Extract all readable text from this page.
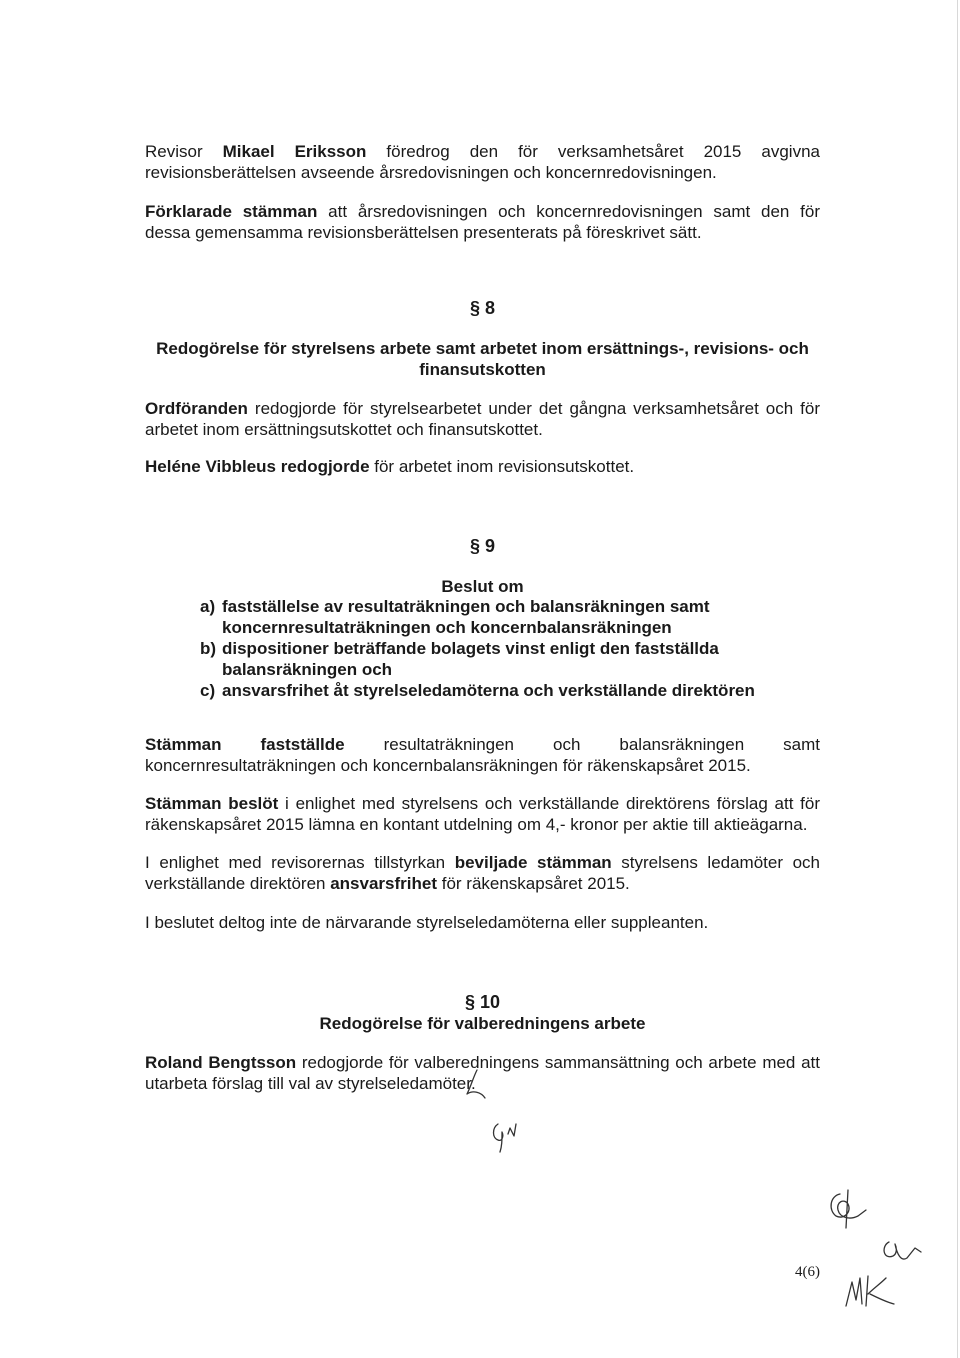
Revisor Mikael Eriksson föredrog den för verksamhetsåret 2015 avgivna revisionsberättelsen avseende årsredovisningen och koncernredovisningen.

Förklarade stämman att årsredovisningen och koncernredovisningen samt den för dessa gemensamma revisionsberättelsen presenterats på föreskrivet sätt.

§ 8
Redogörelse för styrelsens arbete samt arbetet inom ersättnings-, revisions- och finansutskotten

Ordföranden redogjorde för styrelsearbetet under det gångna verksamhetsåret och för arbetet inom ersättningsutskottet och finansutskottet.

Heléne Vibbleus redogjorde för arbetet inom revisionsutskottet.

§ 9
Beslut om
a) fastställelse av resultaträkningen och balansräkningen samt koncernresultaträkningen och koncernbalansräkningen
b) dispositioner beträffande bolagets vinst enligt den fastställda balansräkningen och
c) ansvarsfrihet åt styrelseledamöterna och verkställande direktören

Stämman fastställde resultaträkningen och balansräkningen samt koncernresultaträkningen och koncernbalansräkningen för räkenskapsåret 2015.

Stämman beslöt i enlighet med styrelsens och verkställande direktörens förslag att för räkenskapsåret 2015 lämna en kontant utdelning om 4,- kronor per aktie till aktieägarna.

I enlighet med revisorernas tillstyrkan beviljade stämman styrelsens ledamöter och verkställande direktören ansvarsfrihet för räkenskapsåret 2015.

I beslutet deltog inte de närvarande styrelseledamöterna eller suppleanten.

§ 10
Redogörelse för valberedningens arbete

Roland Bengtsson redogjorde för valberedningens sammansättning och arbete med att utarbeta förslag till val av styrelseledamöter.

4(6)
